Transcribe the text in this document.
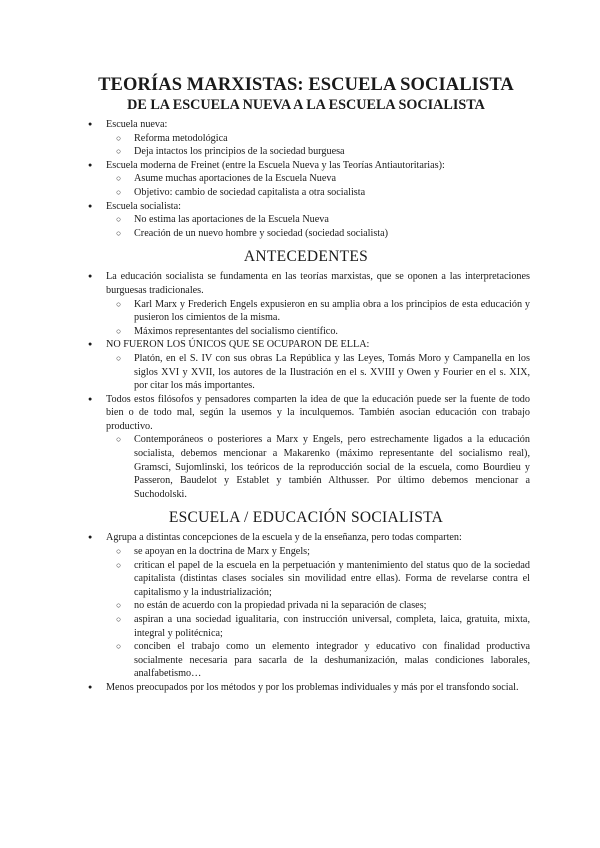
TEORÍAS MARXISTAS: ESCUELA SOCIALISTA
DE LA ESCUELA NUEVA A LA ESCUELA SOCIALISTA
● Escuela nueva:
○ Reforma metodológica
○ Deja intactos los principios de la sociedad burguesa
● Escuela moderna de Freinet (entre la Escuela Nueva y las Teorías Antiautoritarias):
○ Asume muchas aportaciones de la Escuela Nueva
○ Objetivo: cambio de sociedad capitalista a otra socialista
● Escuela socialista:
○ No estima las aportaciones de la Escuela Nueva
○ Creación de un nuevo hombre y sociedad (sociedad socialista)
ANTECEDENTES
● La educación socialista se fundamenta en las teorías marxistas, que se oponen a las interpretaciones burguesas tradicionales.
○ Karl Marx y Frederich Engels expusieron en su amplia obra a los principios de esta educación y pusieron los cimientos de la misma.
○ Máximos representantes del socialismo científico.
● NO FUERON LOS ÚNICOS QUE SE OCUPARON DE ELLA:
○ Platón, en el S. IV con sus obras La República y las Leyes, Tomás Moro y Campanella en los siglos XVI y XVII, los autores de la Ilustración en el s. XVIII y Owen y Fourier en el s. XIX, por citar los más importantes.
● Todos estos filósofos y pensadores comparten la idea de que la educación puede ser la fuente de todo bien o de todo mal, según la usemos y la inculquemos. También asocian educación con trabajo productivo.
○ Contemporáneos o posteriores a Marx y Engels, pero estrechamente ligados a la educación socialista, debemos mencionar a Makarenko (máximo representante del socialismo real), Gramsci, Sujomlinski, los teóricos de la reproducción social de la escuela, como Bourdieu y Passeron, Baudelot y Establet y también Althusser. Por último debemos mencionar a Suchodolski.
ESCUELA / EDUCACIÓN SOCIALISTA
● Agrupa a distintas concepciones de la escuela y de la enseñanza, pero todas comparten:
○ se apoyan en la doctrina de Marx y Engels;
○ critican el papel de la escuela en la perpetuación y mantenimiento del status quo de la sociedad capitalista (distintas clases sociales sin movilidad entre ellas). Forma de revelarse contra el capitalismo y la industrialización;
○ no están de acuerdo con la propiedad privada ni la separación de clases;
○ aspiran a una sociedad igualitaria, con instrucción universal, completa, laica, gratuita, mixta, integral y politécnica;
○ conciben el trabajo como un elemento integrador y educativo con finalidad productiva socialmente necesaria para sacarla de la deshumanización, malas condiciones laborales, analfabetismo…
● Menos preocupados por los métodos y por los problemas individuales y más por el transfondo social.
